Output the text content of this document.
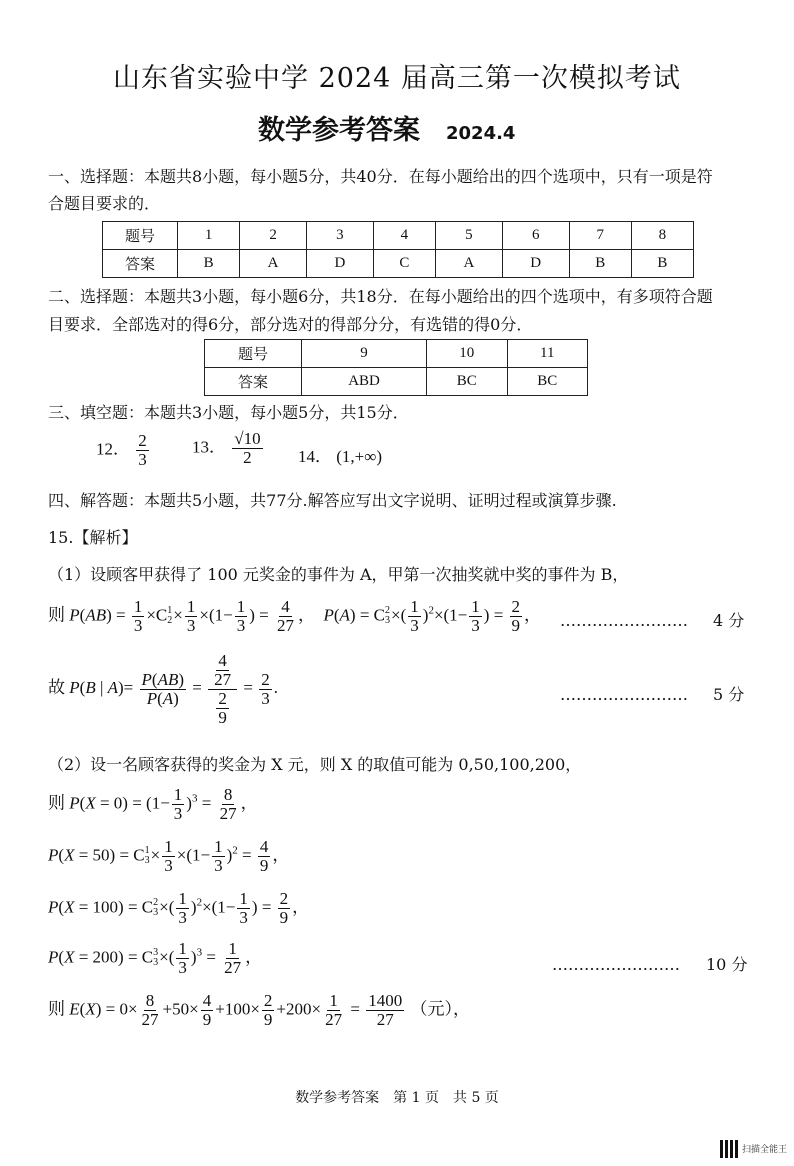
山东省实验中学 2024 届高三第一次模拟考试
数学参考答案 2024.4
一、选择题：本题共8小题，每小题5分，共40分．在每小题给出的四个选项中，只有一项是符
合题目要求的．
题号	1	2	3	4	5	6	7	8
答案	B	A	D	C	A	D	B	B
二、选择题：本题共3小题，每小题6分，共18分．在每小题给出的四个选项中，有多项符合题
目要求．全部选对的得6分，部分选对的得部分分，有选错的得0分．
题号	9	10	11
答案	ABD	BC	BC
三、填空题：本题共3小题，每小题5分，共15分．
12． $\frac{2}{3}$	13． $\frac{√10}{2} 14$． (1,+∞)
四、解答题：本题共5小题，共77分.解答应写出文字说明、证明过程或演算步骤.
15.【解析】
（1）设顾客甲获得了 100 元奖金的事件为 A，甲第一次抽奖就中奖的事件为 B，
则 $P(AB) = \frac{1}{3} \times C$ 1
$2 \times \frac{1}{3} \times(1- \frac{1}{3}$ ) = $\frac{4}{27}$ ，  P(A) = C 2
3 ×( $\frac{1}{3} )^2\times(1- \frac{1}{3}$ ) = $\frac{2}{9}$ ， …………………… 4 分
故 P(B | $A)= \frac{P(AB)}{P(A)} = \frac{\frac{4}{27}}{\frac{2}{9}} = \frac{2}{3}$ .	…………………… 5 分
（2）设一名顾客获得的奖金为 X 元，则 X 的取值可能为 0,50,100,200，
则 $P(X = 0) = (1- \frac{1}{3} )^3 = \frac{8}{27}$ ，
P(X = 50) = C 1
$3 \times \frac{1}{3} \times(1- \frac{1}{3} )^2 = \frac{4}{9}$ ，
P(X = 100) = C 2
3 ×( $\frac{1}{3} )^2\times(1- \frac{1}{3}$ ) = $\frac{2}{9}$ ，
P(X = 200) = C 3
3 ×( $\frac{1}{3} )^3 = \frac{1}{27}$ ，	…………………… 10 分
则 $E(X) = 0\times \frac{8}{27} +50\times \frac{4}{9} +100\times \frac{2}{9} +200\times \frac{1}{27} = \frac{1400}{27}$ （元），
数学参考答案　第 1 页　共 5 页
扫描全能王
